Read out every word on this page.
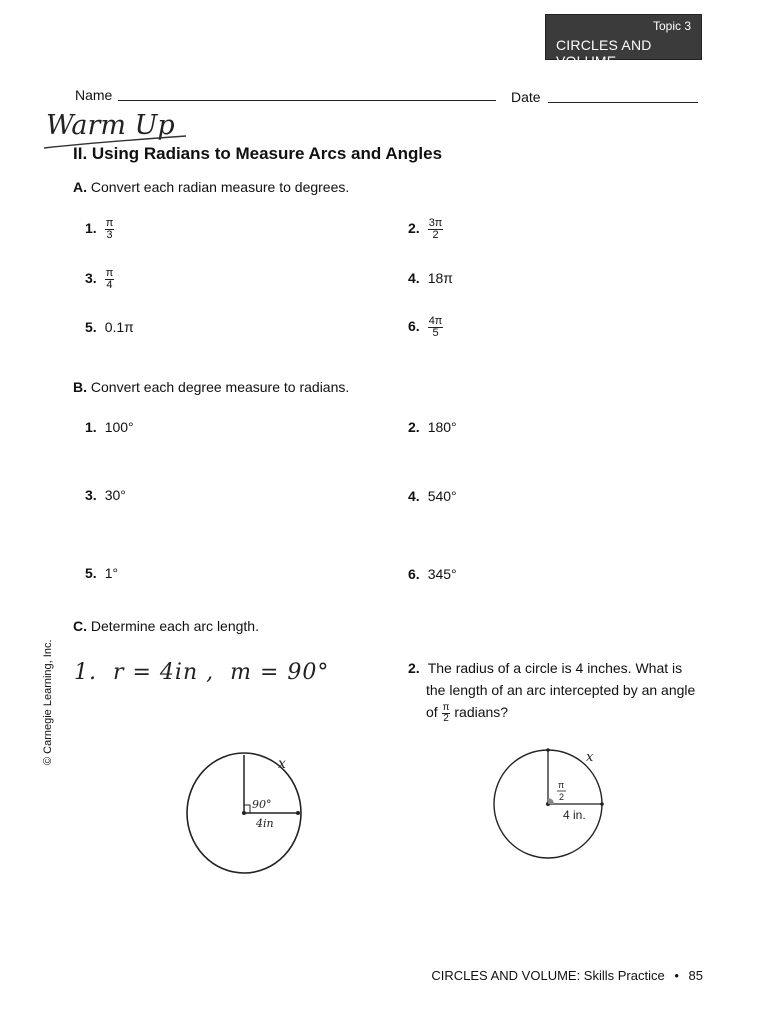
Topic 3
CIRCLES AND VOLUME
Name	Date
Warm Up
II. Using Radians to Measure Arcs and Angles
A. Convert each radian measure to degrees.
1. $\frac{\pi}{3}$	2. $\frac{3\pi}{2}$
3. $\frac{\pi}{4}$	4. 18π
5. 0.1π	6. $\frac{4\pi}{5}$
B. Convert each degree measure to radians.
1. 100°	2. 180°
3. 30°	4. 540°
5. 1°	6. 345°
C. Determine each arc length.
1.  r = 4in ,  m = 90°	2. The radius of a circle is 4 inches. What is
the length of an arc intercepted by an angle
of $\frac{\pi}{2}$ radians?
x
90°
4in
x
π
2
4 in.
© Carnegie Learning, Inc.
CIRCLES AND VOLUME: Skills Practice • 85
